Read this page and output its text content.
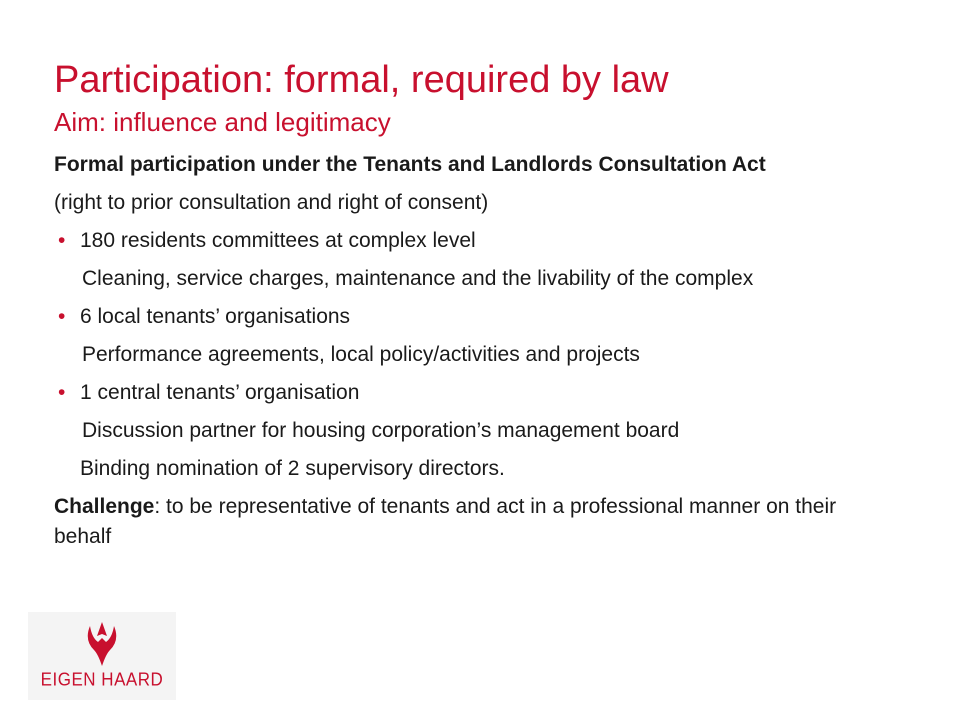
Participation: formal, required by law
Aim: influence and legitimacy

Formal participation under the Tenants and Landlords Consultation Act

(right to prior consultation and right of consent)

• 180 residents committees at complex level

Cleaning, service charges, maintenance and the livability of the complex

• 6 local tenants’ organisations

Performance agreements, local policy/activities and projects

• 1 central tenants’ organisation

Discussion partner for housing corporation’s management board

Binding nomination of 2 supervisory directors.

Challenge: to be representative of tenants and act in a professional manner on their behalf

EIGEN HAARD
